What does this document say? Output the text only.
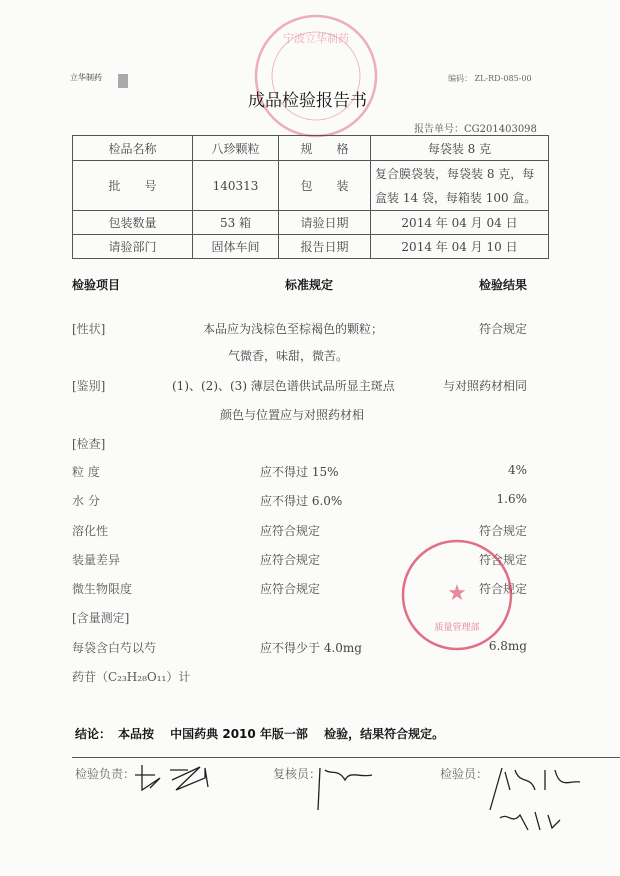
宁波立华制药
立华制药	编码： ZL-RD-085-00
成品检验报告书
报告单号：CG201403098
检品名称	八珍颗粒	规　　格	每袋装 8 克
批　　号	140313	包　　装	复合膜袋装，每袋装 8 克，每盒装 14 袋，每箱装 100 盒。
包装数量	53 箱	请验日期	2014 年 04 月 04 日
请验部门	固体车间	报告日期	2014 年 04 月 10 日
检验项目	标准规定	检验结果
[性状]	本品应为浅棕色至棕褐色的颗粒；	符合规定
气微香，味甜，微苦。
[鉴别]	(1)、(2)、(3) 薄层色谱供试品所显主斑点	与对照药材相同
颜色与位置应与对照药材相
[检查]
粒 度	应不得过 15%	4%
水 分	应不得过 6.0%	1.6%
溶化性	应符合规定	符合规定
装量差异	应符合规定	符合规定
微生物限度	应符合规定	符合规定
[含量测定]
每袋含白芍以芍	应不得少于 4.0mg	6.8mg
药苷（C₂₃H₂₈O₁₁）计
结论： 本品按　 中国药典 2010 年版一部　 检验，结果符合规定。
检验负责：	复核员：	检验员：
★
质量管理部
